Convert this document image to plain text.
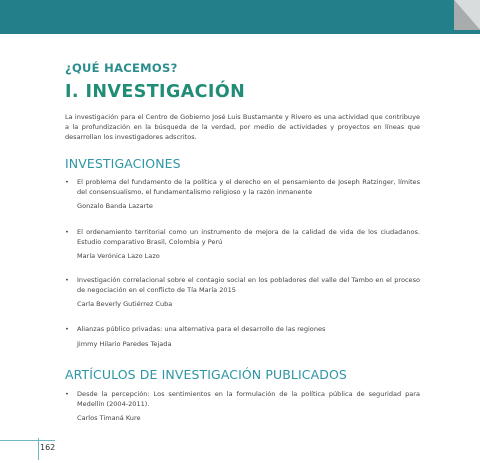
¿QUÉ HACEMOS?
I. INVESTIGACIÓN
La investigación para el Centro de Gobierno José Luis Bustamante y Rivero es una actividad que contribuye a la profundización en la búsqueda de la verdad, por medio de actividades y proyectos en líneas que desarrollan los investigadores adscritos.
INVESTIGACIONES
• El problema del fundamento de la política y el derecho en el pensamiento de Joseph Ratzinger, límites del consensualismo, el fundamentalismo religioso y la razón inmanente
Gonzalo Banda Lazarte
• El ordenamiento territorial como un instrumento de mejora de la calidad de vida de los ciudadanos. Estudio comparativo Brasil, Colombia y Perú
María Verónica Lazo Lazo
• Investigación correlacional sobre el contagio social en los pobladores del valle del Tambo en el proceso de negociación en el conflicto de Tía María 2015
Carla Beverly Gutiérrez Cuba
• Alianzas público privadas: una alternativa para el desarrollo de las regiones
Jimmy Hilario Paredes Tejada
ARTÍCULOS DE INVESTIGACIÓN PUBLICADOS
• Desde la percepción: Los sentimientos en la formulación de la política pública de seguridad para Medellín (2004-2011).
Carlos Timaná Kure
162
